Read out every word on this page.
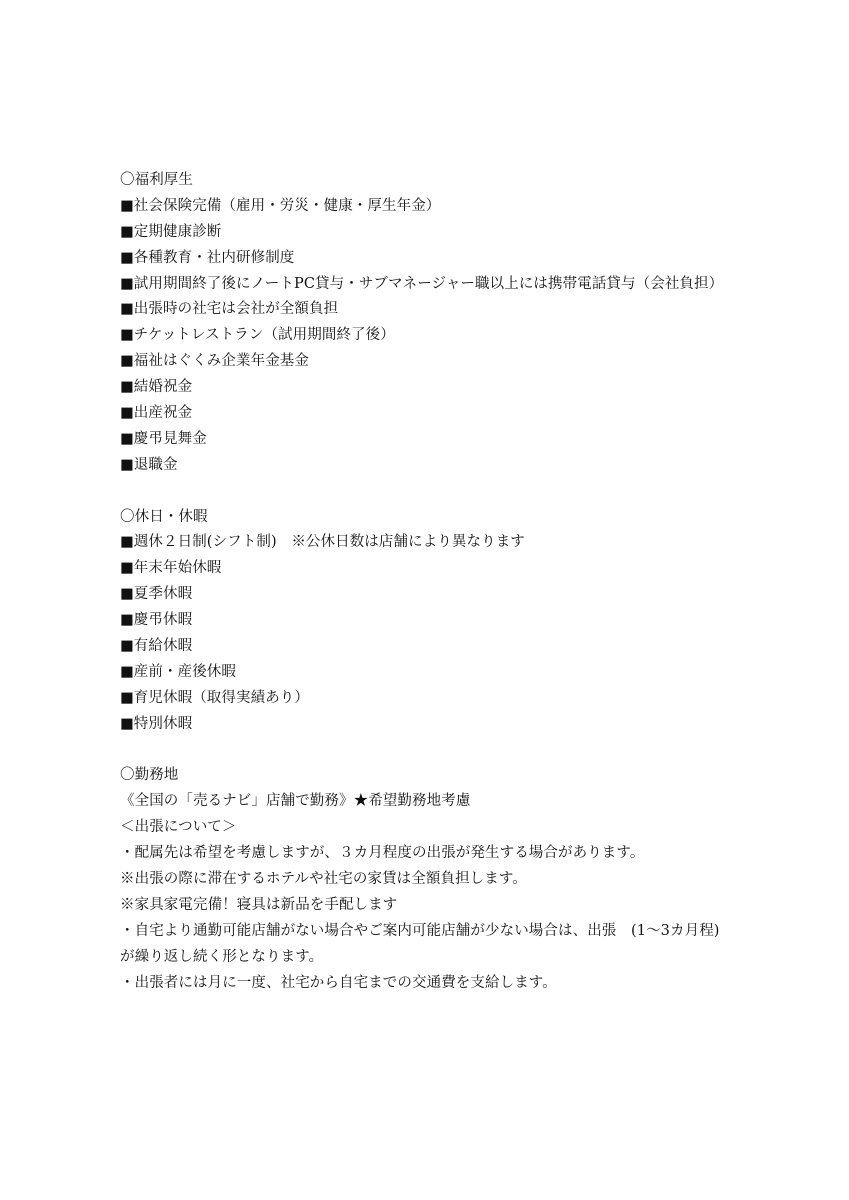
〇福利厚生
■社会保険完備（雇用・労災・健康・厚生年金）
■定期健康診断
■各種教育・社内研修制度
■試用期間終了後にノートPC貸与・サブマネージャー職以上には携帯電話貸与（会社負担）
■出張時の社宅は会社が全額負担
■チケットレストラン（試用期間終了後）
■福祉はぐくみ企業年金基金
■結婚祝金
■出産祝金
■慶弔見舞金
■退職金
〇休日・休暇
■週休２日制(シフト制)　※公休日数は店舗により異なります
■年末年始休暇
■夏季休暇
■慶弔休暇
■有給休暇
■産前・産後休暇
■育児休暇（取得実績あり）
■特別休暇
〇勤務地
《全国の「売るナビ」店舗で勤務》★希望勤務地考慮
＜出張について＞
・配属先は希望を考慮しますが、３カ月程度の出張が発生する場合があります。
※出張の際に滞在するホテルや社宅の家賃は全額負担します。
※家具家電完備！寝具は新品を手配します
・自宅より通勤可能店舗がない場合やご案内可能店舗が少ない場合は、出張　(1〜3カ月程)
が繰り返し続く形となります。
・出張者には月に一度、社宅から自宅までの交通費を支給します。
